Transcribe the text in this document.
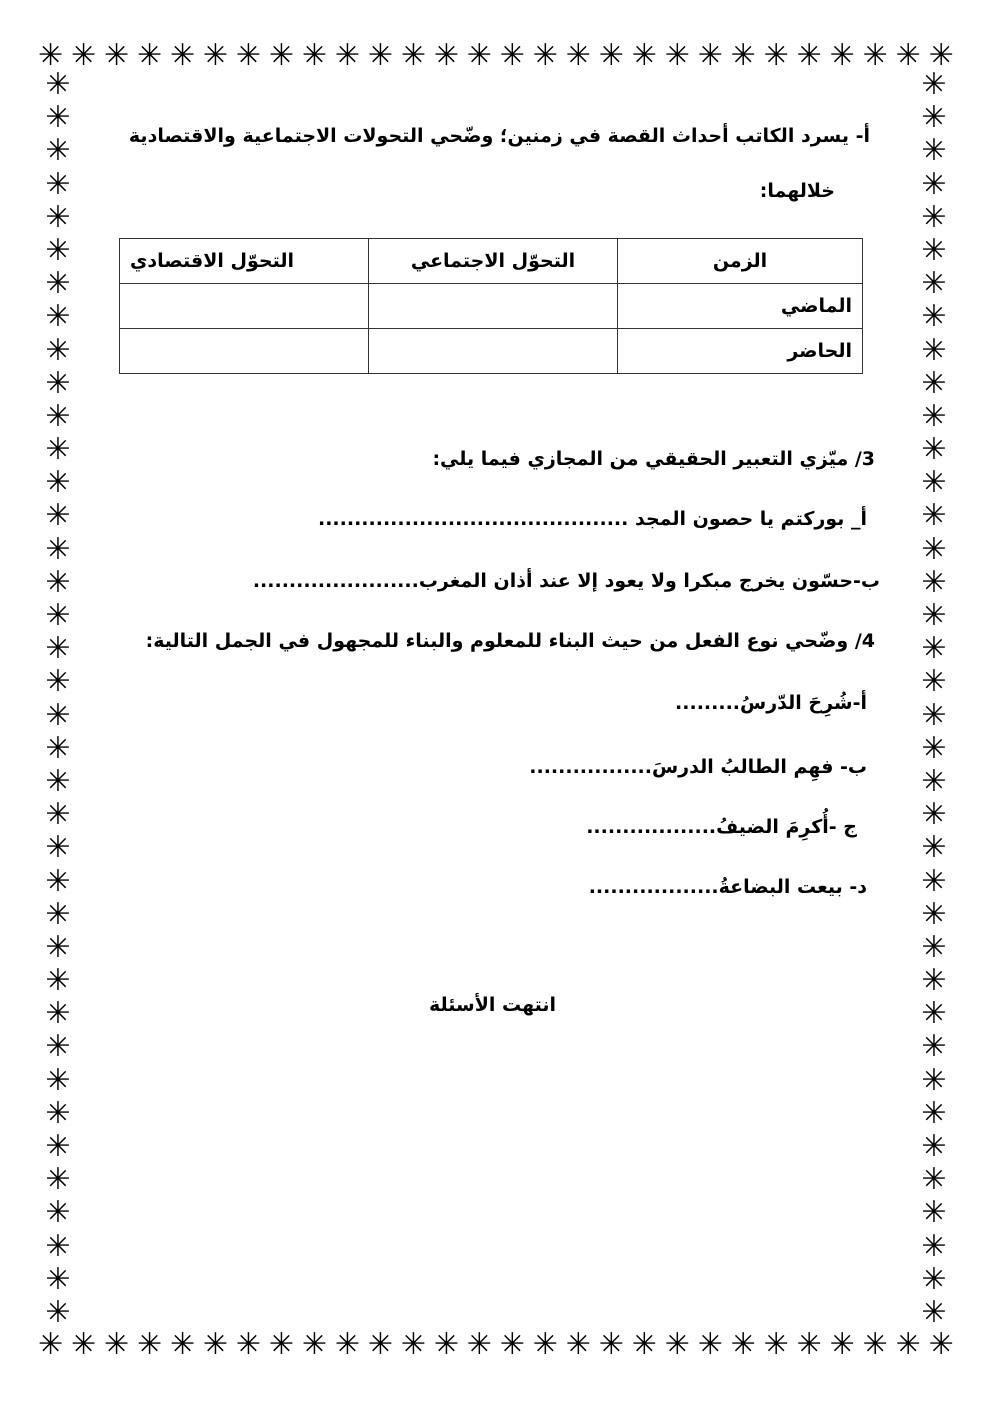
✳ ✳ ✳ ✳ ✳ ✳ ✳ ✳ ✳ ✳ ✳ ✳ ✳ ✳ ✳ ✳ ✳ ✳ ✳ ✳ ✳ ✳ ✳ ✳ ✳ ✳ ✳ ✳
✳ ✳ ✳ ✳ ✳ ✳ ✳ ✳ ✳ ✳ ✳ ✳ ✳ ✳ ✳ ✳ ✳ ✳ ✳ ✳ ✳ ✳ ✳ ✳ ✳ ✳ ✳ ✳
✳
✳
✳
✳
✳
✳
✳
✳
✳
✳
✳
✳
✳
✳
✳
✳
✳
✳
✳
✳
✳
✳
✳
✳
✳
✳
✳
✳
✳
✳
✳
✳
✳
✳
✳
✳
✳
✳
✳
✳
✳
✳
✳
✳
✳
✳
✳
✳
✳
✳
✳
✳
✳
✳
✳
✳
✳
✳
✳
✳
✳
✳
✳
✳
✳
✳
✳
✳
✳
✳
✳
✳
✳
✳
✳
✳
أ- يسرد الكاتب أحداث القصة في زمنين؛ وضّحي التحولات الاجتماعية والاقتصادية
خلالهما:
الزمن	التحوّل الاجتماعي	التحوّل الاقتصادي
الماضي		
الحاضر		
3/ ميّزي التعبير الحقيقي من المجازي فيما يلي:
أ_ بوركتم يا حصون المجد ...........................................
ب-حسّون يخرج مبكرا ولا يعود إلا عند أذان المغرب.......................
4/ وضّحي نوع الفعل من حيث البناء للمعلوم والبناء للمجهول في الجمل التالية:
أ-شُرِحَ الدّرسُ.........
ب- فهِم الطالبُ الدرسَ.................
ج -أُكرِمَ الضيفُ..................
د- بيعت البضاعةُ..................
انتهت الأسئلة
